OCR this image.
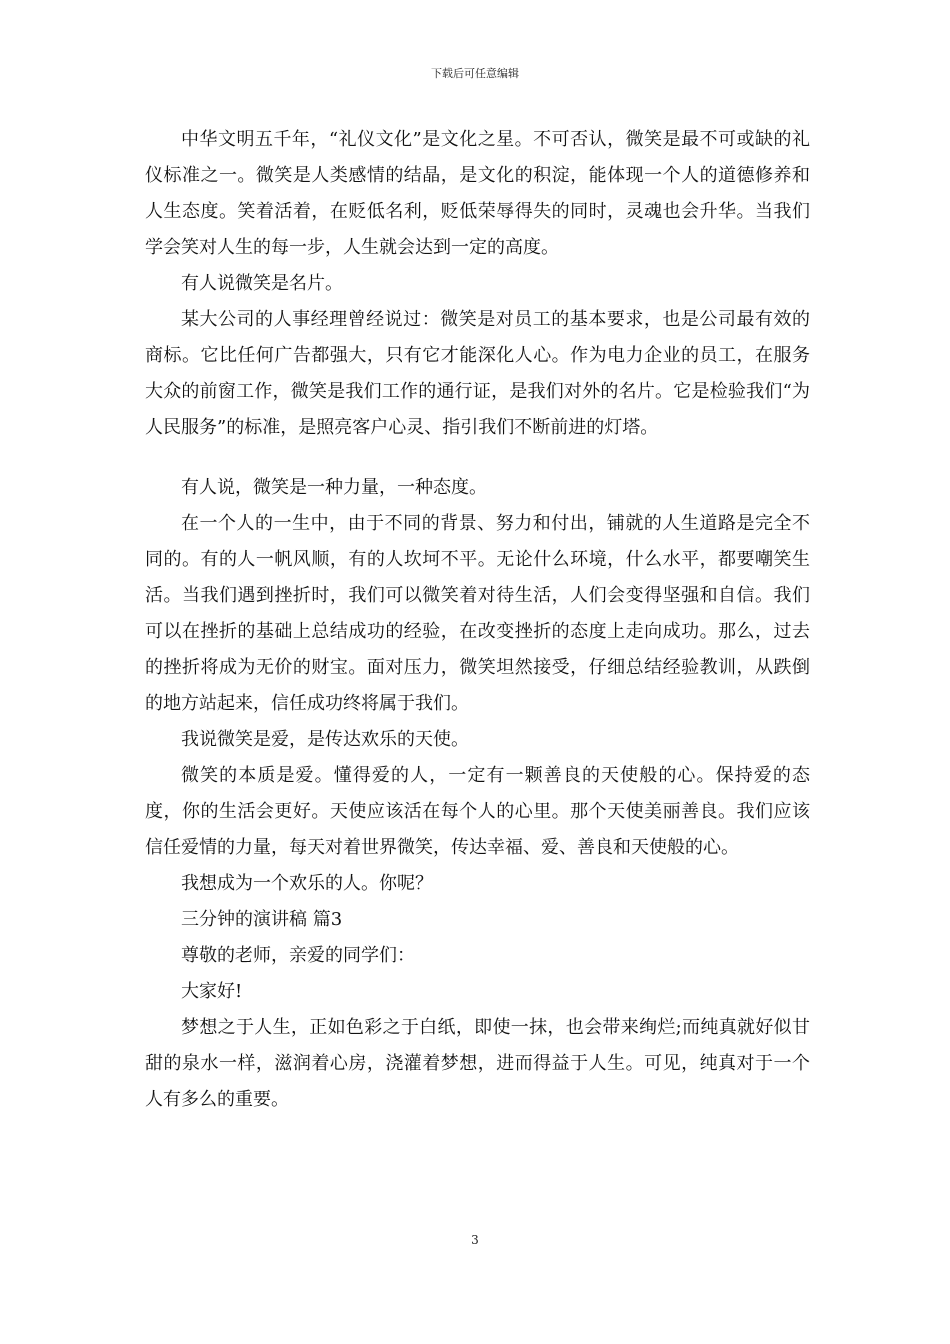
下载后可任意编辑

中华文明五千年，“礼仪文化”是文化之星。不可否认，微笑是最不可或缺的礼仪标准之一。微笑是人类感情的结晶，是文化的积淀，能体现一个人的道德修养和人生态度。笑着活着，在贬低名利，贬低荣辱得失的同时，灵魂也会升华。当我们学会笑对人生的每一步，人生就会达到一定的高度。

有人说微笑是名片。

某大公司的人事经理曾经说过：微笑是对员工的基本要求，也是公司最有效的商标。它比任何广告都强大，只有它才能深化人心。作为电力企业的员工，在服务大众的前窗工作，微笑是我们工作的通行证，是我们对外的名片。它是检验我们“为人民服务”的标准，是照亮客户心灵、指引我们不断前进的灯塔。

有人说，微笑是一种力量，一种态度。

在一个人的一生中，由于不同的背景、努力和付出，铺就的人生道路是完全不同的。有的人一帆风顺，有的人坎坷不平。无论什么环境，什么水平，都要嘲笑生活。当我们遇到挫折时，我们可以微笑着对待生活，人们会变得坚强和自信。我们可以在挫折的基础上总结成功的经验，在改变挫折的态度上走向成功。那么，过去的挫折将成为无价的财宝。面对压力，微笑坦然接受，仔细总结经验教训，从跌倒的地方站起来，信任成功终将属于我们。

我说微笑是爱，是传达欢乐的天使。

微笑的本质是爱。懂得爱的人，一定有一颗善良的天使般的心。保持爱的态度，你的生活会更好。天使应该活在每个人的心里。那个天使美丽善良。我们应该信任爱情的力量，每天对着世界微笑，传达幸福、爱、善良和天使般的心。

我想成为一个欢乐的人。你呢？

三分钟的演讲稿 篇3

尊敬的老师，亲爱的同学们：

大家好!

梦想之于人生，正如色彩之于白纸，即使一抹，也会带来绚烂;而纯真就好似甘甜的泉水一样，滋润着心房，浇灌着梦想，进而得益于人生。可见，纯真对于一个人有多么的重要。

3
